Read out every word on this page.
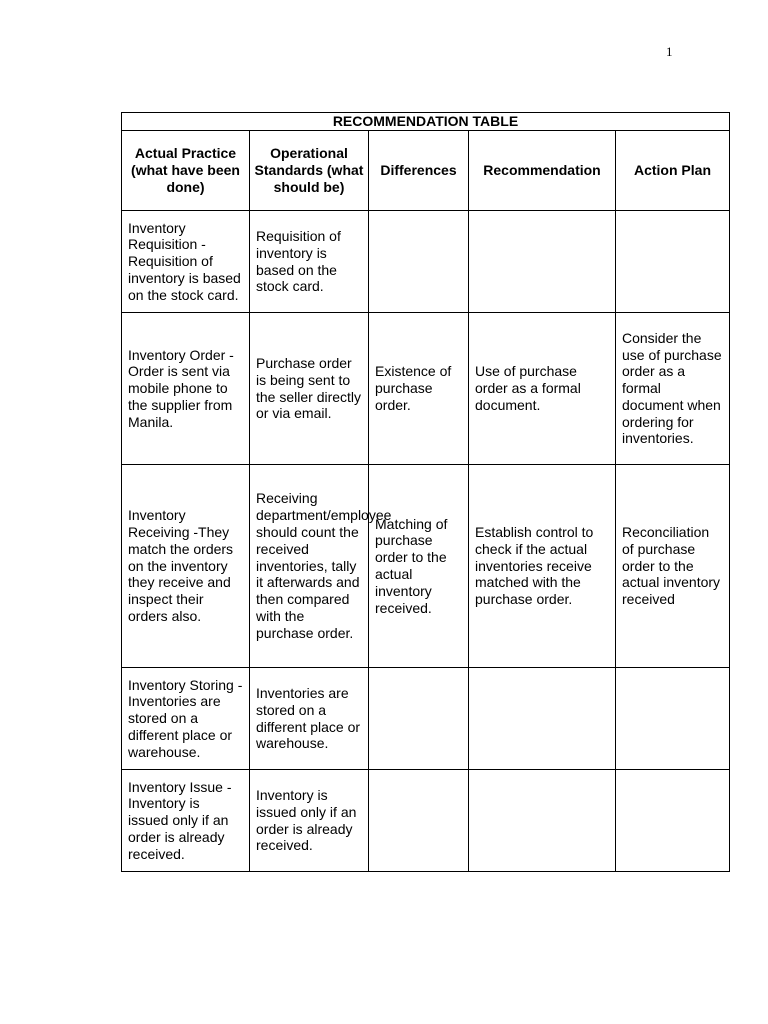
1
RECOMMENDATION TABLE				
Actual Practice (what have been done)	Operational Standards (what should be)	Differences	Recommendation	Action Plan
Inventory Requisition -Requisition of inventory is based on the stock card.	Requisition of inventory is based on the stock card.			
Inventory Order -Order is sent via mobile phone to the supplier from Manila.	Purchase order is being sent to the seller directly or via email.	Existence of purchase order.	Use of purchase order as a formal document.	Consider the use of purchase order as a formal document when ordering for inventories.
Inventory Receiving -They match the orders on the inventory they receive and inspect their orders also.	Receiving department/employee should count the received inventories, tally it afterwards and then compared with the purchase order.	Matching of purchase order to the actual inventory received.	Establish control to check if the actual inventories receive matched with the purchase order.	Reconciliation of purchase order to the actual inventory received
Inventory Storing - Inventories are stored on a different place or warehouse.	Inventories are stored on a different place or warehouse.			
Inventory Issue -Inventory is issued only if an order is already received.	Inventory is issued only if an order is already received.			
